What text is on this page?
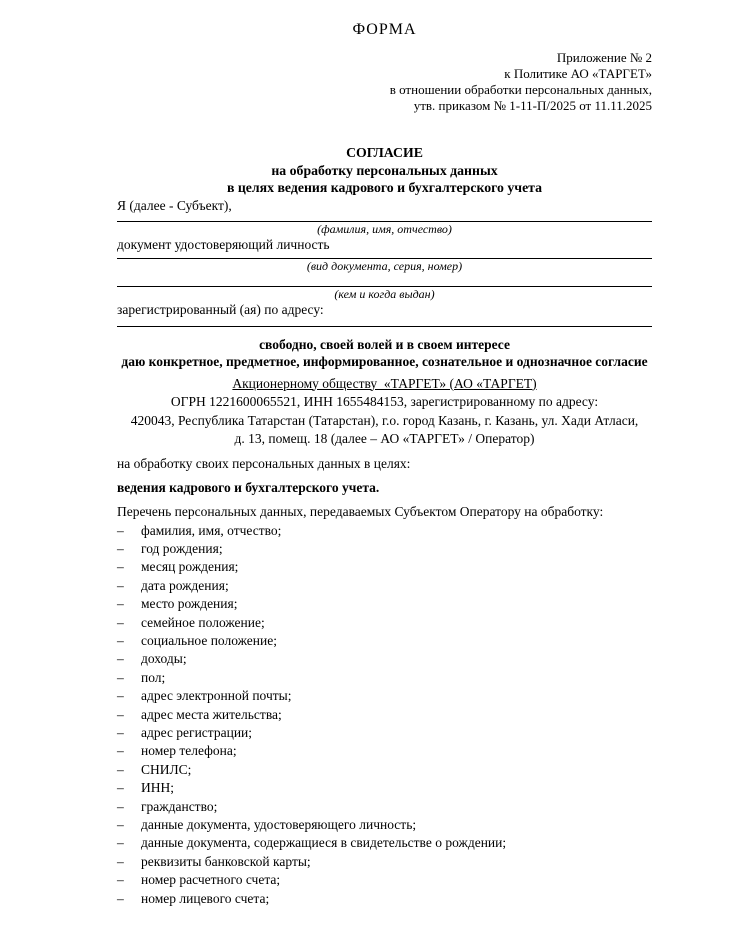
ФОРМА
Приложение № 2
к Политике АО «ТАРГЕТ»
в отношении обработки персональных данных,
утв. приказом № 1-11-П/2025 от 11.11.2025
СОГЛАСИЕ
на обработку персональных данных
в целях ведения кадрового и бухгалтерского учета
Я (далее - Субъект),
(фамилия, имя, отчество)
документ удостоверяющий личность
(вид документа, серия, номер)
(кем и когда выдан)
зарегистрированный (ая) по адресу:
свободно, своей волей и в своем интересе
даю конкретное, предметное, информированное, сознательное и однозначное согласие
Акционерному обществу  «ТАРГЕТ» (АО «ТАРГЕТ)
ОГРН 1221600065521, ИНН 1655484153, зарегистрированному по адресу:
420043, Республика Татарстан (Татарстан), г.о. город Казань, г. Казань, ул. Хади Атласи,
д. 13, помещ. 18 (далее – АО «ТАРГЕТ» / Оператор)
на обработку своих персональных данных в целях:
ведения кадрового и бухгалтерского учета.
Перечень персональных данных, передаваемых Субъектом Оператору на обработку:
–	фамилия, имя, отчество;
–	год рождения;
–	месяц рождения;
–	дата рождения;
–	место рождения;
–	семейное положение;
–	социальное положение;
–	доходы;
–	пол;
–	адрес электронной почты;
–	адрес места жительства;
–	адрес регистрации;
–	номер телефона;
–	СНИЛС;
–	ИНН;
–	гражданство;
–	данные документа, удостоверяющего личность;
–	данные документа, содержащиеся в свидетельстве о рождении;
–	реквизиты банковской карты;
–	номер расчетного счета;
–	номер лицевого счета;
